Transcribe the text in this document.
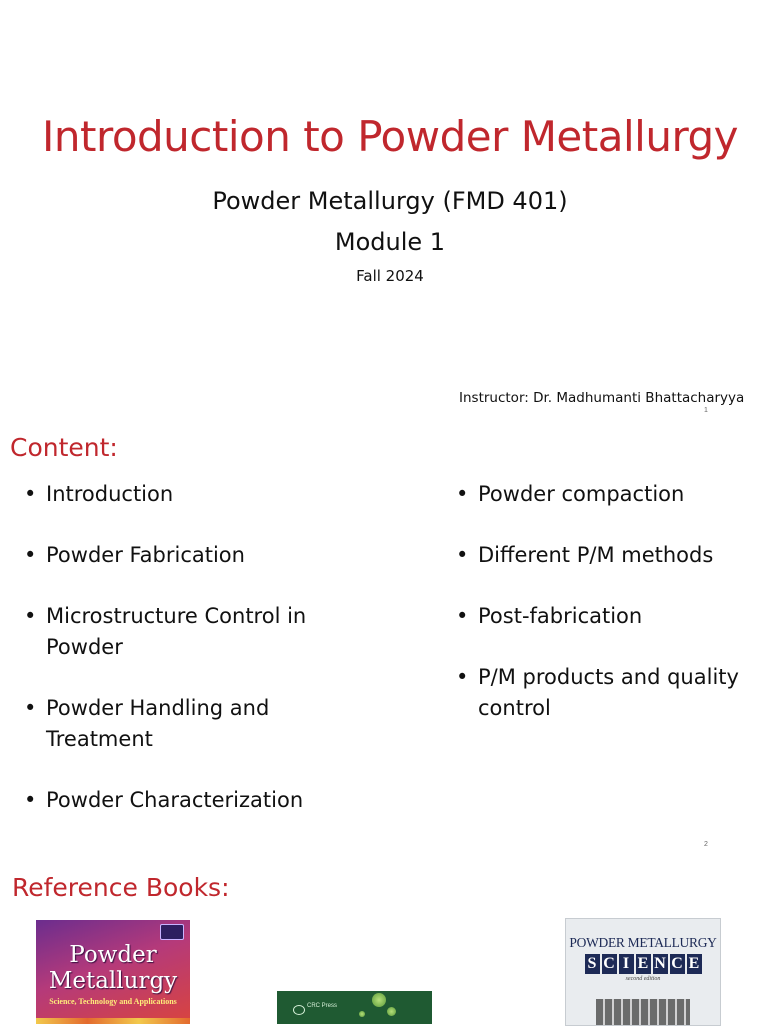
Introduction to Powder Metallurgy
Powder Metallurgy (FMD 401)
Module 1
Fall 2024
Instructor: Dr. Madhumanti Bhattacharyya
1
Content:
• Introduction
• Powder Fabrication
• Microstructure Control in Powder
• Powder Handling and Treatment
• Powder Characterization
• Powder compaction
• Different P/M methods
• Post-fabrication
• P/M products and quality control
2
Reference Books:
Powder
Metallurgy
Science, Technology and Applications	CRC Press
POWDER METALLURGY
S C I E N C E
second edition
